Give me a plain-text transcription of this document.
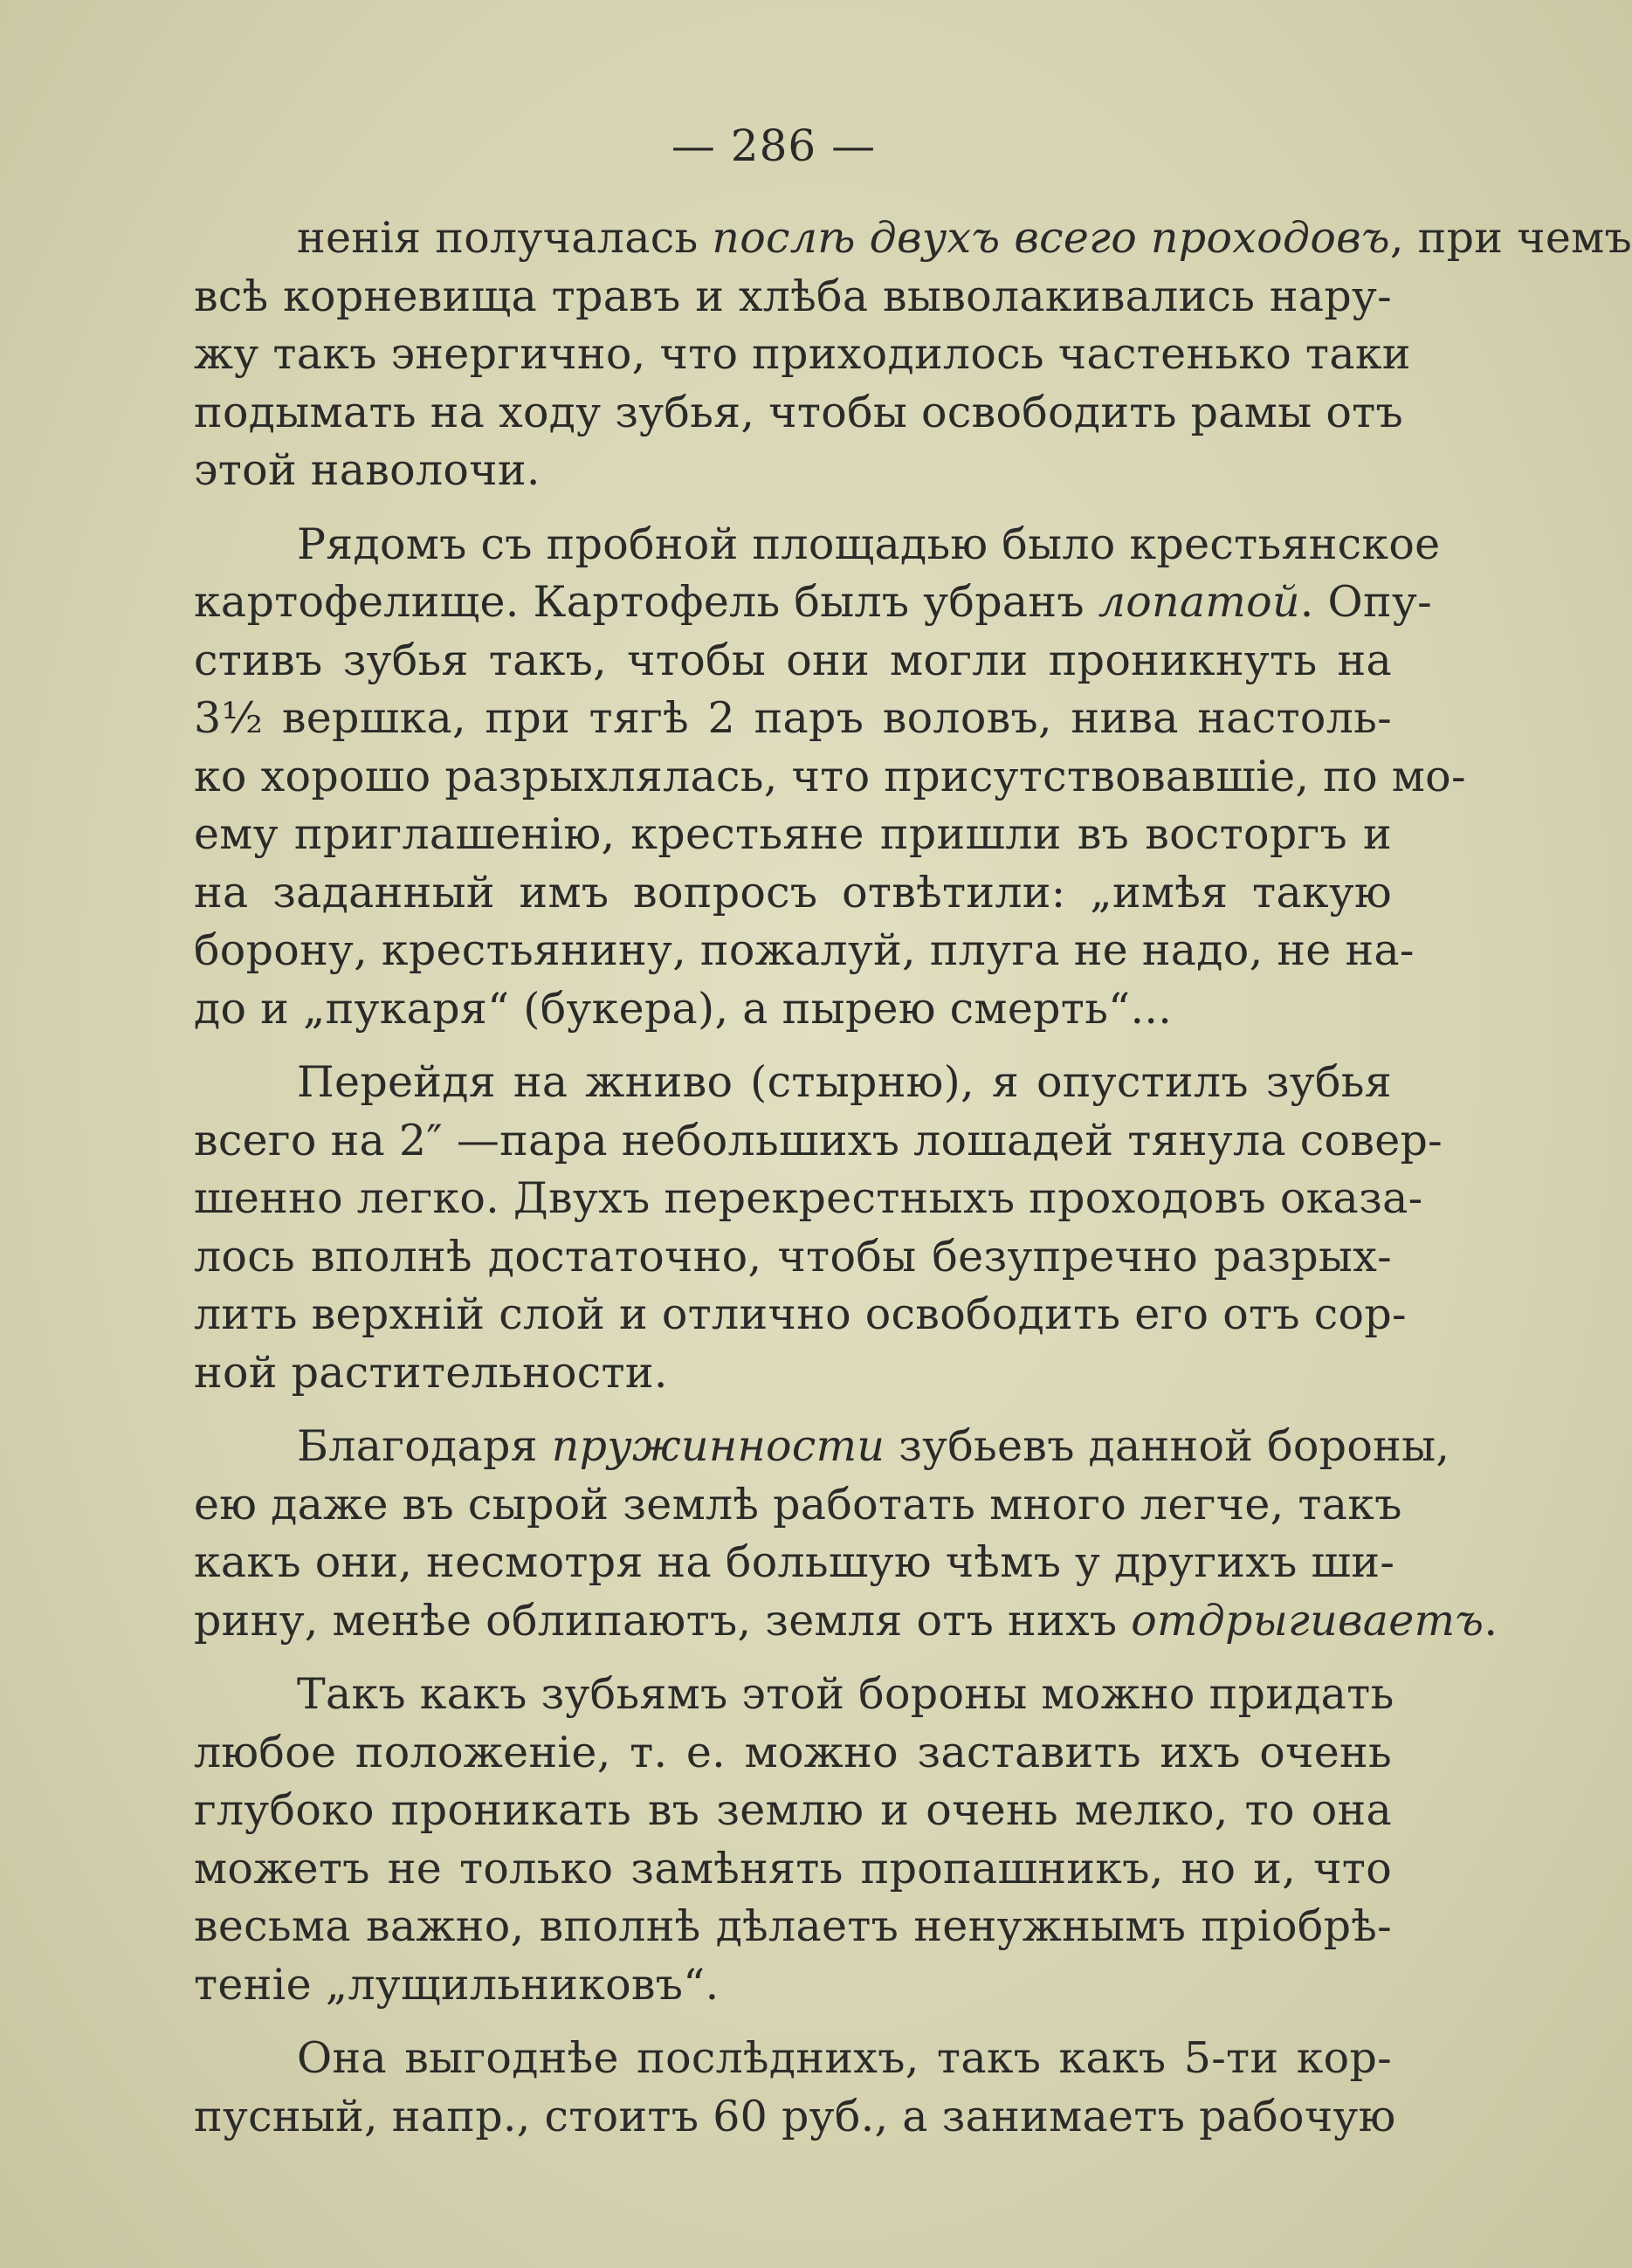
— 286 —
ненія получалась послѣ двухъ всего проходовъ, при чемъ
всѣ корневища травъ и хлѣба выволакивались нару-
жу такъ энергично, что приходилось частенько таки
подымать на ходу зубья, чтобы освободить рамы отъ
этой наволочи.
Рядомъ съ пробной площадью было крестьянское
картофелище. Картофель былъ убранъ лопатой. Опу-
стивъ зубья такъ, чтобы они могли проникнуть на
3½ вершка, при тягѣ 2 паръ воловъ, нива настоль-
ко хорошо разрыхлялась, что присутствовавшіе, по мо-
ему приглашенію, крестьяне пришли въ восторгъ и
на заданный имъ вопросъ отвѣтили: „имѣя такую
борону, крестьянину, пожалуй, плуга не надо, не на-
до и „пукаря“ (букера), а пырею смерть“...
Перейдя на жниво (стырню), я опустилъ зубья
всего на 2″ —пара небольшихъ лошадей тянула совер-
шенно легко. Двухъ перекрестныхъ проходовъ оказа-
лось вполнѣ достаточно, чтобы безупречно разрых-
лить верхній слой и отлично освободить его отъ сор-
ной растительности.
Благодаря пружинности зубьевъ данной бороны,
ею даже въ сырой землѣ работать много легче, такъ
какъ они, несмотря на большую чѣмъ у другихъ ши-
рину, менѣе облипаютъ, земля отъ нихъ отдрыгиваетъ.
Такъ какъ зубьямъ этой бороны можно придать
любое положеніе, т. е. можно заставить ихъ очень
глубоко проникать въ землю и очень мелко, то она
можетъ не только замѣнять пропашникъ, но и, что
весьма важно, вполнѣ дѣлаетъ ненужнымъ пріобрѣ-
теніе „лущильниковъ“.
Она выгоднѣе послѣднихъ, такъ какъ 5-ти кор-
пусный, напр., стоитъ 60 руб., а занимаетъ рабочую
